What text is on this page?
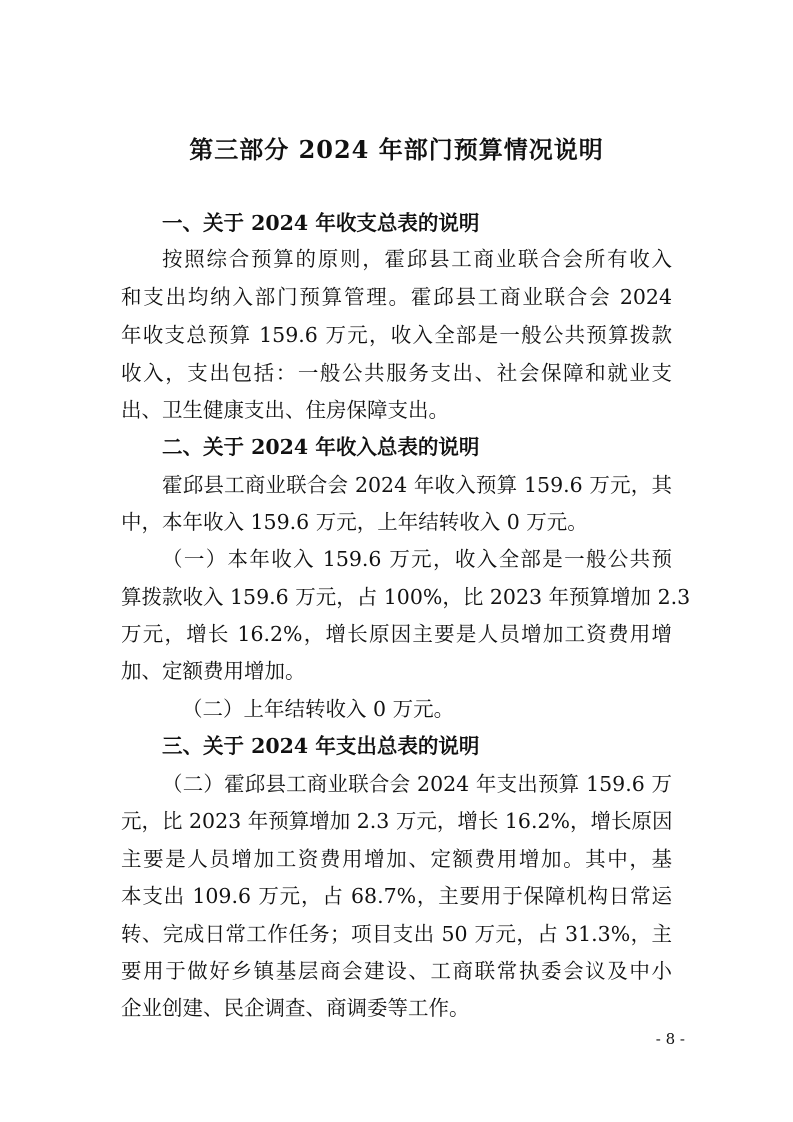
第三部分 2024 年部门预算情况说明
一、关于 2024 年收支总表的说明
按照综合预算的原则，霍邱县工商业联合会所有收入
和支出均纳入部门预算管理。霍邱县工商业联合会 2024
年收支总预算 159.6 万元，收入全部是一般公共预算拨款
收入，支出包括：一般公共服务支出、社会保障和就业支
出、卫生健康支出、住房保障支出。
二、关于 2024 年收入总表的说明
霍邱县工商业联合会 2024 年收入预算 159.6 万元，其
中，本年收入 159.6 万元，上年结转收入 0 万元。
（一）本年收入 159.6 万元，收入全部是一般公共预
算拨款收入 159.6 万元，占 100%，比 2023 年预算增加 2.3
万元，增长 16.2%，增长原因主要是人员增加工资费用增
加、定额费用增加。
（二）上年结转收入 0 万元。
三、关于 2024 年支出总表的说明
（二）霍邱县工商业联合会 2024 年支出预算 159.6 万
元，比 2023 年预算增加 2.3 万元，增长 16.2%，增长原因
主要是人员增加工资费用增加、定额费用增加。其中，基
本支出 109.6 万元，占 68.7%，主要用于保障机构日常运
转、完成日常工作任务；项目支出 50 万元，占 31.3%，主
要用于做好乡镇基层商会建设、工商联常执委会议及中小
企业创建、民企调查、商调委等工作。
- 8 -
